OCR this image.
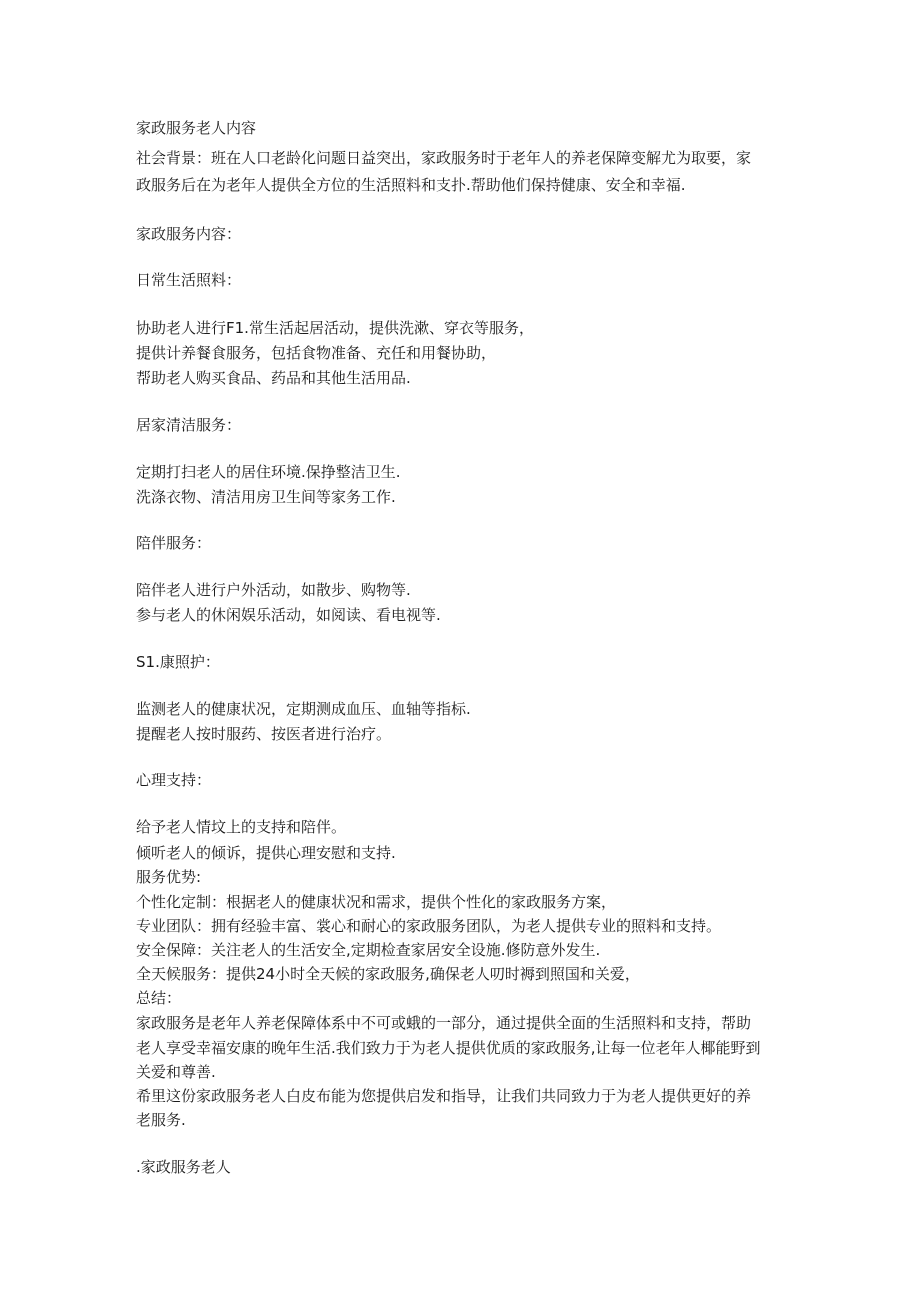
家政服务老人内容
社会背景：班在人口老龄化问题日益突出，家政服务时于老年人的养老保障变解尤为取要，家
政服务后在为老年人提供全方位的生活照料和支扑.帮助他们保持健康、安全和幸福.
家政服务内容：
日常生活照料：
协助老人进行F1.常生活起居活动，提供洗漱、穿衣等服务，
提供计养餐食服务，包括食物准备、充任和用餐协助，
帮助老人购买食品、药品和其他生活用品.
居家清洁服务：
定期打扫老人的居住环境.保挣整洁卫生.
洗涤衣物、清洁用房卫生间等家务工作.
陪伴服务：
陪伴老人进行户外活动，如散步、购物等.
参与老人的休闲娱乐活动，如阅读、看电视等.
S1.康照护：
监测老人的健康状况，定期测成血压、血轴等指标.
提醒老人按时服药、按医者进行治疗。
心理支持：
给予老人情坟上的支持和陪伴。
倾听老人的倾诉，提供心理安慰和支持.
服务优势:
个性化定制：根据老人的健康状况和需求，提供个性化的家政服务方案，
专业团队：拥有经验丰富、裳心和耐心的家政服务团队，为老人提供专业的照料和支持。
安全保障：关注老人的生活安全,定期检查家居安全设施.修防意外发生.
全天候服务：提供24小时全天候的家政服务,确保老人叨时褥到照国和关爱，
总结：
家政服务是老年人养老保障体系中不可或蛾的一部分，通过提供全面的生活照料和支持，帮助
老人享受幸福安康的晚年生活.我们致力于为老人提供优质的家政服务,让每一位老年人椰能野到
关爱和尊善.
希里这份家政服务老人白皮布能为您提供启发和指导，让我们共同致力于为老人提供更好的养
老服务.
.家政服务老人
